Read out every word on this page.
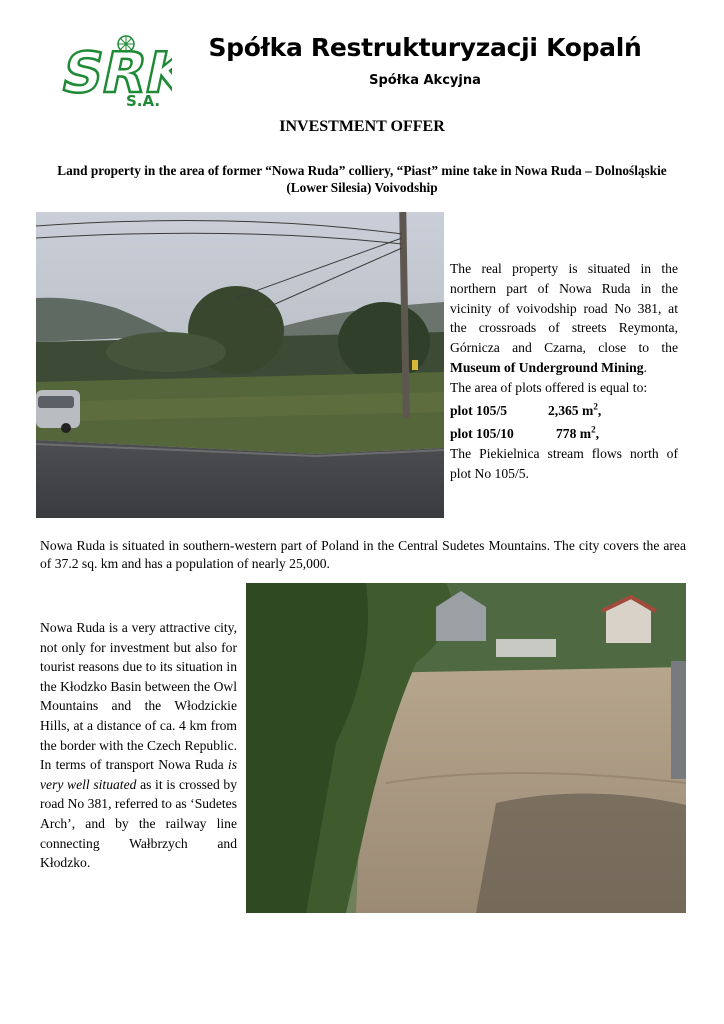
SRK
S.A.
Spółka Restrukturyzacji Kopalń
Spółka Akcyjna
INVESTMENT OFFER
Land property in the area of former “Nowa Ruda” colliery, “Piast” mine take in Nowa Ruda – Dolnośląskie (Lower Silesia) Voivodship

The real property is situated in the northern part of Nowa Ruda in the vicinity of voivodship road No 381, at the crossroads of streets Reymonta, Górnicza and Czarna, close to the Museum of Underground Mining.

The area of plots offered is equal to:

plot 105/5	2,365 $m^2$,
plot 105/10	778 $m^2$,

The Piekielnica stream flows north of plot No 105/5.

Nowa Ruda is situated in southern-western part of Poland in the Central Sudetes Mountains. The city covers the area of 37.2 sq. km and has a population of nearly 25,000.
Nowa Ruda is a very attractive city, not only for investment but also for tourist reasons due to its situation in the Kłodzko Basin between the Owl Mountains and the Włodzickie Hills, at a distance of ca. 4 km from the border with the Czech Republic. In terms of transport Nowa Ruda is very well situated as it is crossed by road No 381, referred to as ‘Sudetes Arch’, and by the railway line connecting Wałbrzych and Kłodzko.
